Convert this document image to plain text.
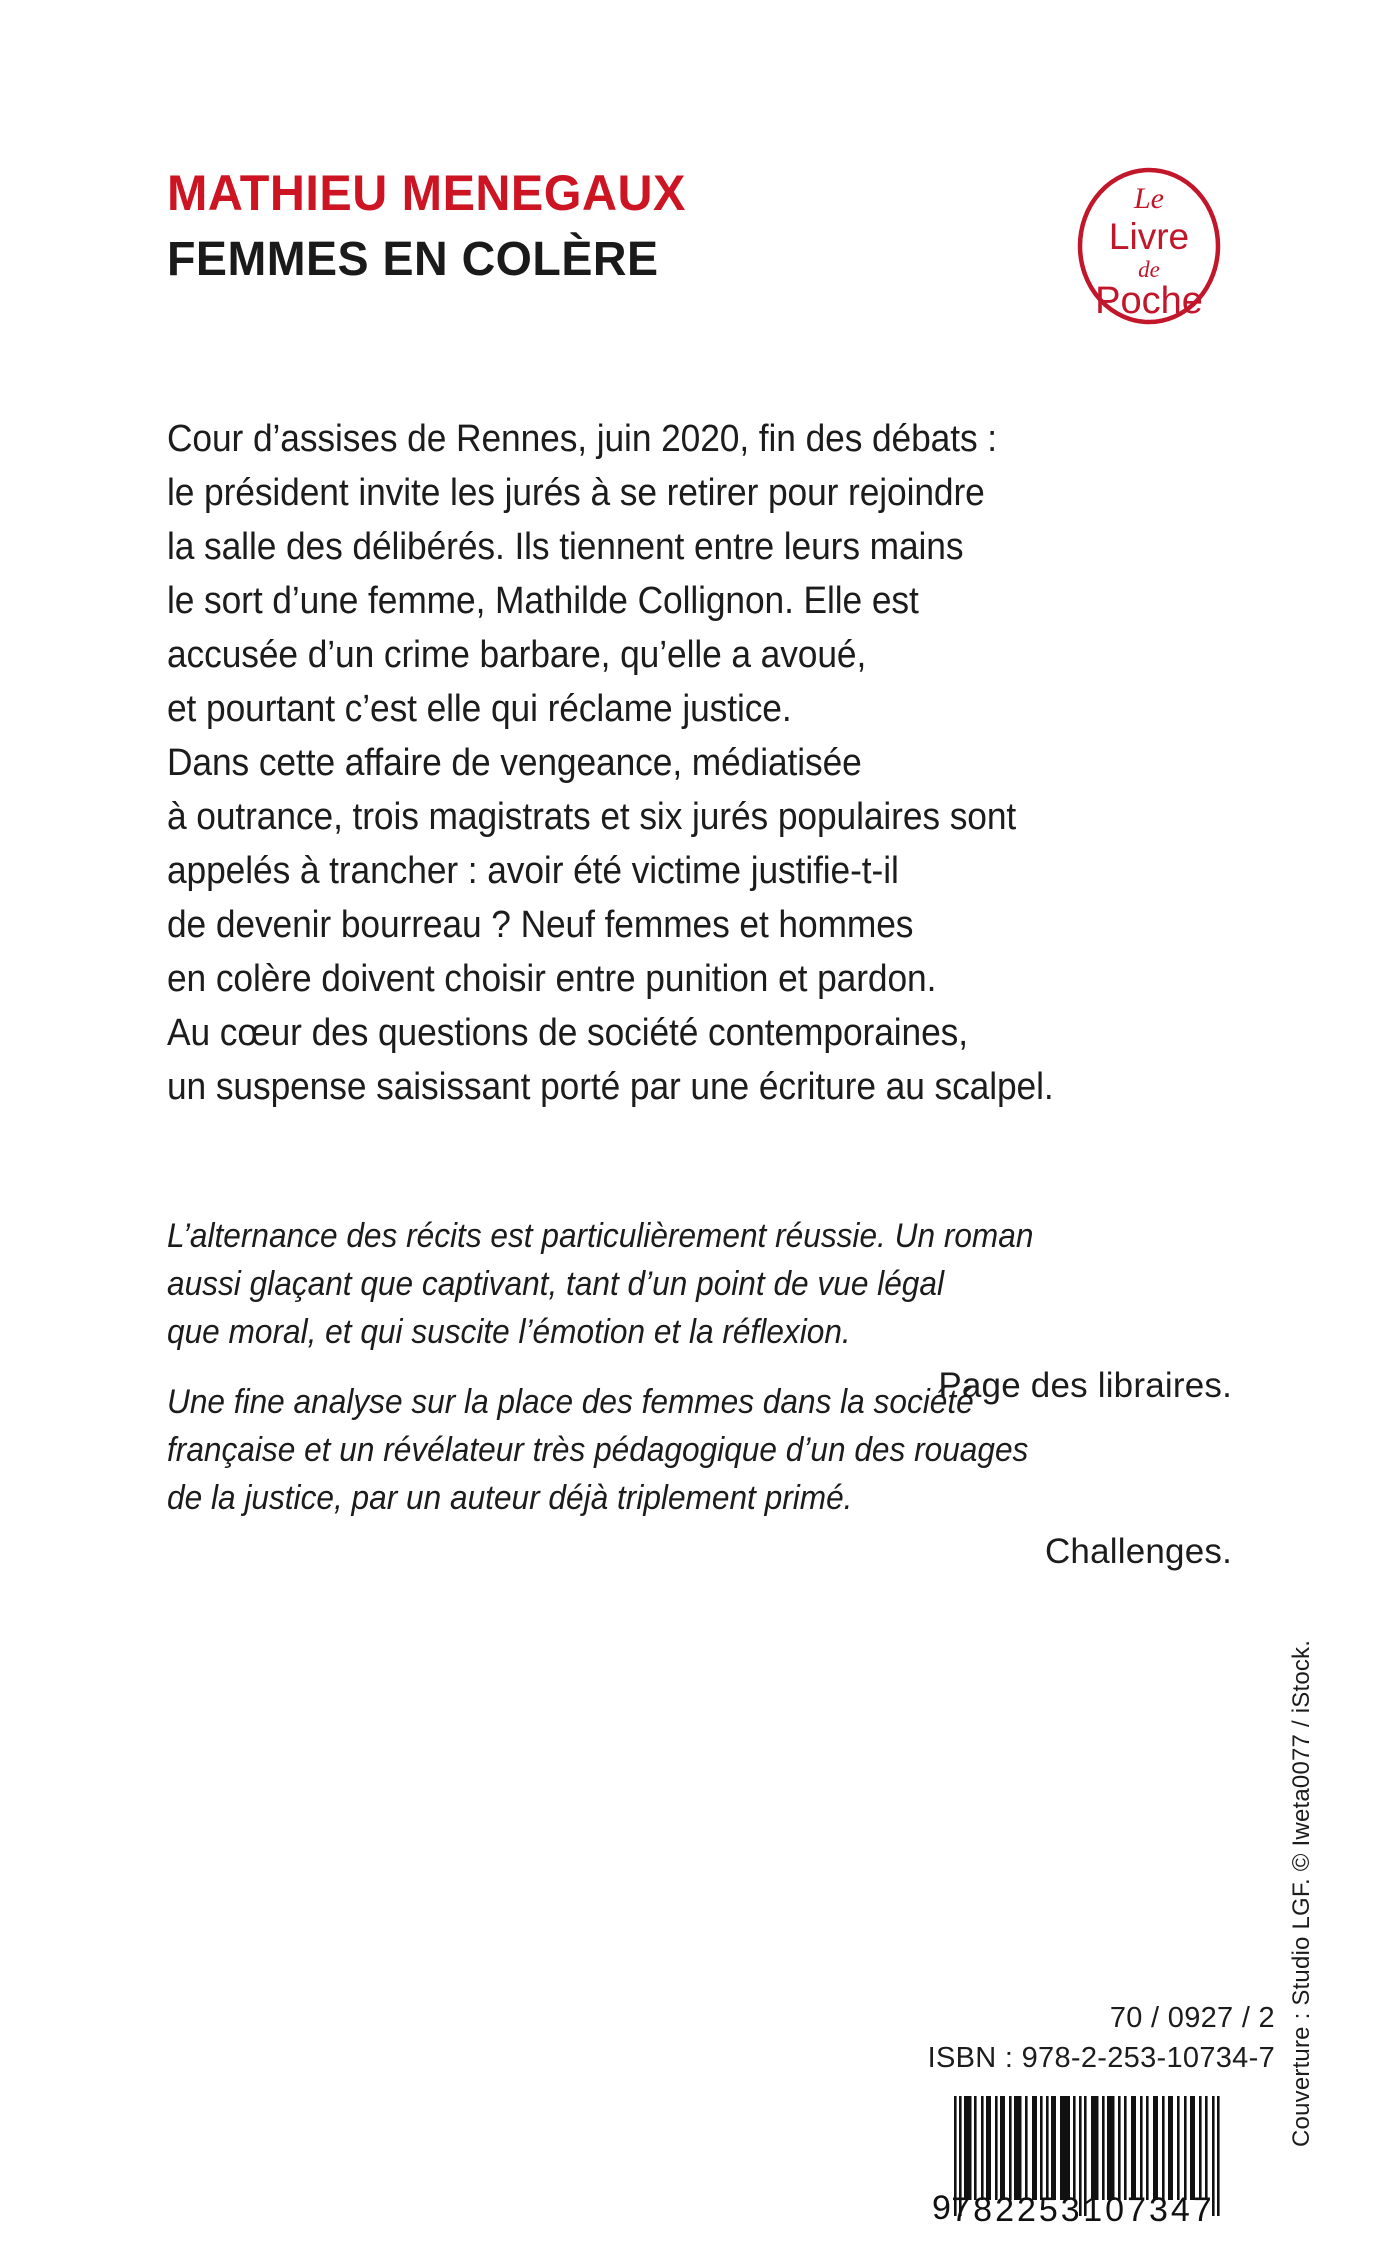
MATHIEU MENEGAUX
FEMMES EN COLÈRE
Le
Livre
de
Poche
Cour d’assises de Rennes, juin 2020, fin des débats :
le président invite les jurés à se retirer pour rejoindre
la salle des délibérés. Ils tiennent entre leurs mains
le sort d’une femme, Mathilde Collignon. Elle est
accusée d’un crime barbare, qu’elle a avoué,
et pourtant c’est elle qui réclame justice.
Dans cette affaire de vengeance, médiatisée
à outrance, trois magistrats et six jurés populaires sont
appelés à trancher : avoir été victime justifie-t-il
de devenir bourreau ? Neuf femmes et hommes
en colère doivent choisir entre punition et pardon.
Au cœur des questions de société contemporaines,
un suspense saisissant porté par une écriture au scalpel.
L’alternance des récits est particulièrement réussie. Un roman
aussi glaçant que captivant, tant d’un point de vue légal
que moral, et qui suscite l’émotion et la réflexion.
Page des libraires.
Une fine analyse sur la place des femmes dans la société
française et un révélateur très pédagogique d’un des rouages
de la justice, par un auteur déjà triplement primé.
Challenges.
Couverture : Studio LGF. © Iweta0077 / iStock.
70 / 0927 / 2
ISBN : 978-2-253-10734-7
9 782253 107347
